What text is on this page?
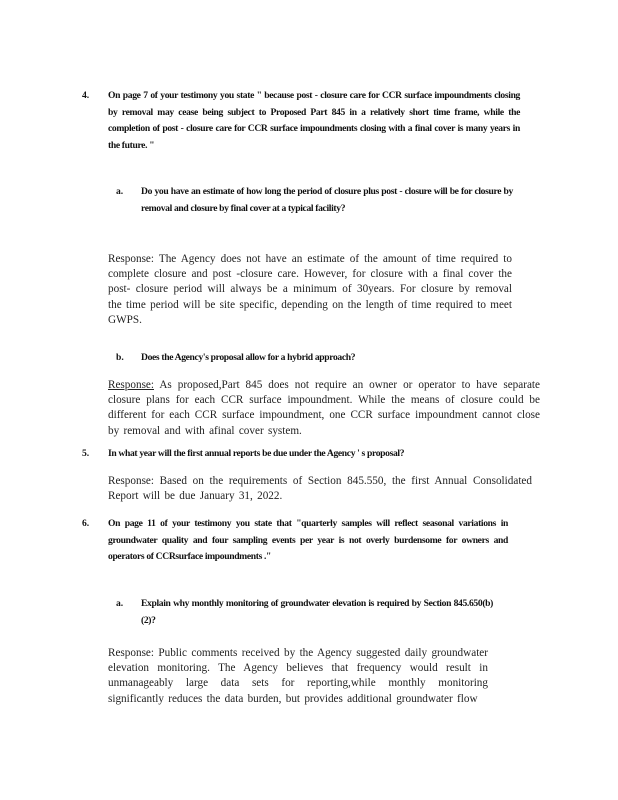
4. On page 7 of your testimony you state " because post - closure care for CCR surface impoundments closing by removal may cease being subject to Proposed Part 845 in a relatively short time frame, while the completion of post - closure care for CCR surface impoundments closing with a final cover is many years in the future. "
a. Do you have an estimate of how long the period of closure plus post - closure will be for closure by removal and closure by final cover at a typical facility?
Response: The Agency does not have an estimate of the amount of time required to complete closure and post -closure care. However, for closure with a final cover the post- closure period will always be a minimum of 30years. For closure by removal the time period will be site specific, depending on the length of time required to meet GWPS.
b. Does the Agency's proposal allow for a hybrid approach?
Response: As proposed,Part 845 does not require an owner or operator to have separate closure plans for each CCR surface impoundment. While the means of closure could be different for each CCR surface impoundment, one CCR surface impoundment cannot close by removal and with afinal cover system.
5. In what year will the first annual reports be due under the Agency ' s proposal?
Response: Based on the requirements of Section 845.550, the first Annual Consolidated Report will be due January 31, 2022.
6. On page 11 of your testimony you state that "quarterly samples will reflect seasonal variations in groundwater quality and four sampling events per year is not overly burdensome for owners and operators of CCRsurface impoundments ."
a. Explain why monthly monitoring of groundwater elevation is required by Section 845.650(b)(2)?
Response: Public comments received by the Agency suggested daily groundwater elevation monitoring. The Agency believes that frequency would result in unmanageably large data sets for reporting,while monthly monitoring significantly reduces the data burden, but provides additional groundwater flow
